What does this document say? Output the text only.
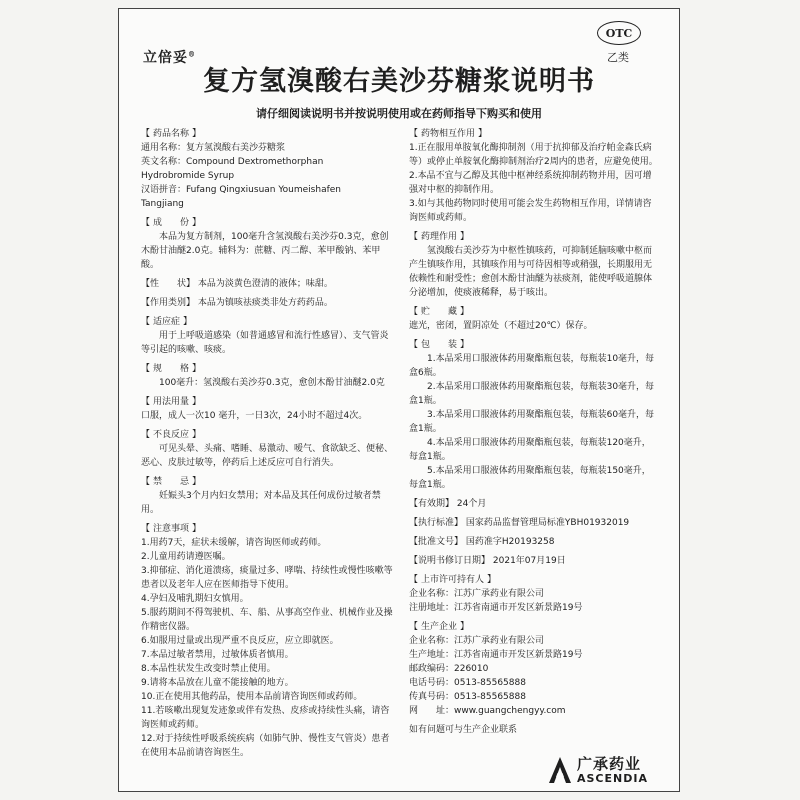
立倍妥®
OTC
乙类
复方氢溴酸右美沙芬糖浆说明书
请仔细阅读说明书并按说明使用或在药师指导下购买和使用
【 药品名称 】
通用名称：复方氢溴酸右美沙芬糖浆
英文名称：Compound Dextromethorphan
Hydrobromide Syrup
汉语拼音：Fufang Qingxiusuan Youmeishafen
Tangjiang
【 成　　份 】
本品为复方制剂，100毫升含氢溴酸右美沙芬0.3克，愈创木酚甘油醚2.0克。辅料为：蔗糖、丙二醇、苯甲酸钠、苯甲酸。
【性　　状】 本品为淡黄色澄清的液体；味甜。
【作用类别】 本品为镇咳祛痰类非处方药药品。
【 适应症 】
用于上呼吸道感染（如普通感冒和流行性感冒）、支气管炎等引起的咳嗽、咳痰。
【 规　　格 】
100毫升：氢溴酸右美沙芬0.3克，愈创木酚甘油醚2.0克
【 用法用量 】
口服，成人一次10 毫升，一日3次，24小时不超过4次。
【 不良反应 】
可见头晕、头痛、嗜睡、易激动、嗳气、食欲缺乏、便秘、恶心、皮肤过敏等，停药后上述反应可自行消失。
【 禁　　忌 】
妊娠头3个月内妇女禁用；对本品及其任何成份过敏者禁用。
【 注意事项 】
1.用药7天，症状未缓解，请咨询医师或药师。
2.儿童用药请遵医嘱。
3.抑郁症、消化道溃疡，痰量过多、哮喘、持续性或慢性咳嗽等患者以及老年人应在医师指导下使用。
4.孕妇及哺乳期妇女慎用。
5.服药期间不得驾驶机、车、船、从事高空作业、机械作业及操作精密仪器。
6.如服用过量或出现严重不良反应，应立即就医。
7.本品过敏者禁用，过敏体质者慎用。
8.本品性状发生改变时禁止使用。
9.请将本品放在儿童不能接触的地方。
10.正在使用其他药品，使用本品前请咨询医师或药师。
11.若咳嗽出现复发迹象或伴有发热、皮疹或持续性头痛，请咨询医师或药师。
12.对于持续性呼吸系统疾病（如肺气肿、慢性支气管炎）患者在使用本品前请咨询医生。
【 药物相互作用 】
1.正在服用单胺氧化酶抑制剂（用于抗抑郁及治疗帕金森氏病等）或停止单胺氧化酶抑制剂治疗2周内的患者，应避免使用。
2.本品不宜与乙醇及其他中枢神经系统抑制药物并用，因可增强对中枢的抑制作用。
3.如与其他药物同时使用可能会发生药物相互作用，详情请咨询医师或药师。
【 药理作用 】
氢溴酸右美沙芬为中枢性镇咳药，可抑制延脑咳嗽中枢而产生镇咳作用，其镇咳作用与可待因相等或稍强，长期服用无依赖性和耐受性；愈创木酚甘油醚为祛痰剂，能使呼吸道腺体分泌增加，使痰液稀释，易于咳出。
【 贮　　藏 】
遮光，密闭，置阴凉处（不超过20℃）保存。
【 包　　装 】
1.本品采用口服液体药用聚酯瓶包装，每瓶装10毫升，每盒6瓶。
2.本品采用口服液体药用聚酯瓶包装，每瓶装30毫升，每盒1瓶。
3.本品采用口服液体药用聚酯瓶包装，每瓶装60毫升，每盒1瓶。
4.本品采用口服液体药用聚酯瓶包装，每瓶装120毫升，每盒1瓶。
5.本品采用口服液体药用聚酯瓶包装，每瓶装150毫升，每盒1瓶。
【有效期】 24个月
【执行标准】 国家药品监督管理局标准YBH01932019
【批准文号】 国药准字H20193258
【说明书修订日期】 2021年07月19日
【 上市许可持有人 】
企业名称：江苏广承药业有限公司
注册地址：江苏省南通市开发区新景路19号
【 生产企业 】
企业名称：江苏广承药业有限公司
生产地址：江苏省南通市开发区新景路19号
邮政编码：226010
电话号码：0513-85565888
传真号码：0513-85565888
网　　址：www.guangchengyy.com
如有问题可与生产企业联系
广承药业
ASCENDIA
